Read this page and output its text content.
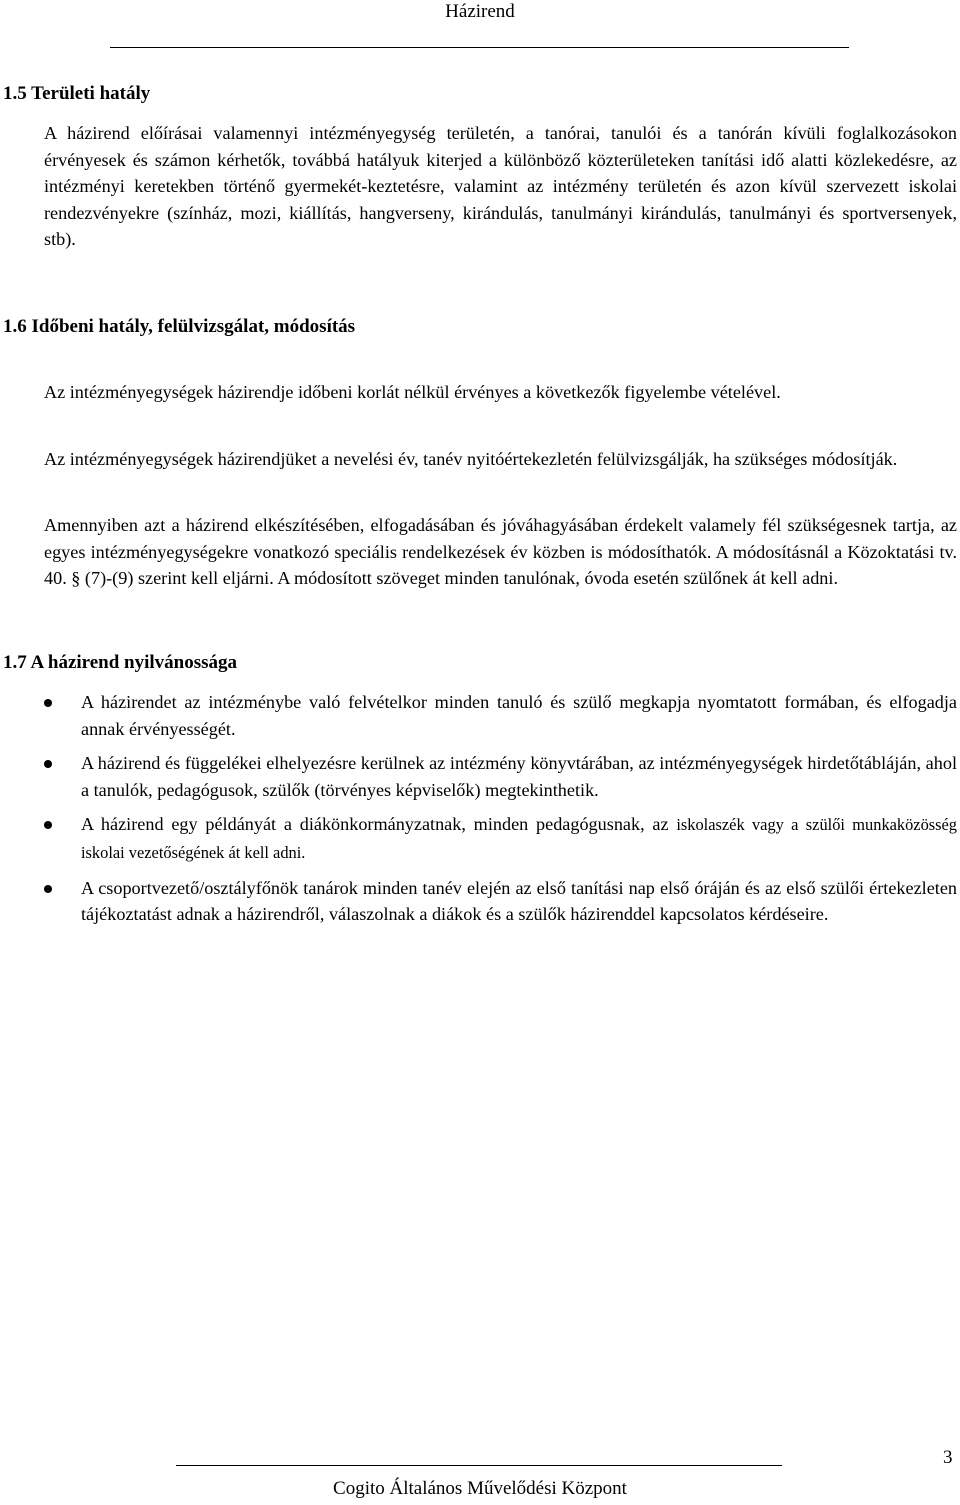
Házirend
1.5 Területi hatály

A házirend előírásai valamennyi intézményegység területén, a tanórai, tanulói és a tanórán kívüli foglalkozásokon érvényesek és számon kérhetők, továbbá hatályuk kiterjed a különböző közterületeken tanítási idő alatti közlekedésre, az intézményi keretekben történő gyermekét-keztetésre, valamint az intézmény területén és azon kívül szervezett iskolai rendezvényekre (színház, mozi, kiállítás, hangverseny, kirándulás, tanulmányi kirándulás, tanulmányi és sportversenyek, stb).

1.6 Időbeni hatály, felülvizsgálat, módosítás

Az intézményegységek házirendje időbeni korlát nélkül érvényes a következők figyelembe vételével.

Az intézményegységek házirendjüket a nevelési év, tanév nyitóértekezletén felülvizsgálják, ha szükséges módosítják.

Amennyiben azt a házirend elkészítésében, elfogadásában és jóváhagyásában érdekelt valamely fél szükségesnek tartja, az egyes intézményegységekre vonatkozó speciális rendelkezések év közben is módosíthatók. A módosításnál a Közoktatási tv. 40. § (7)-(9) szerint kell eljárni. A módosított szöveget minden tanulónak, óvoda esetén szülőnek át kell adni.

1.7 A házirend nyilvánossága
A házirendet az intézménybe való felvételkor minden tanuló és szülő megkapja nyomtatott formában, és elfogadja annak érvényességét.
A házirend és függelékei elhelyezésre kerülnek az intézmény könyvtárában, az intézményegységek hirdetőtábláján, ahol a tanulók, pedagógusok, szülők (törvényes képviselők) megtekinthetik.
A házirend egy példányát a diákönkormányzatnak, minden pedagógusnak, az iskolaszék vagy a szülői munkaközösség iskolai vezetőségének át kell adni.
A csoportvezető/osztályfőnök tanárok minden tanév elején az első tanítási nap első óráján és az első szülői értekezleten tájékoztatást adnak a házirendről, válaszolnak a diákok és a szülők házirenddel kapcsolatos kérdéseire.
3
Cogito Általános Művelődési Központ
